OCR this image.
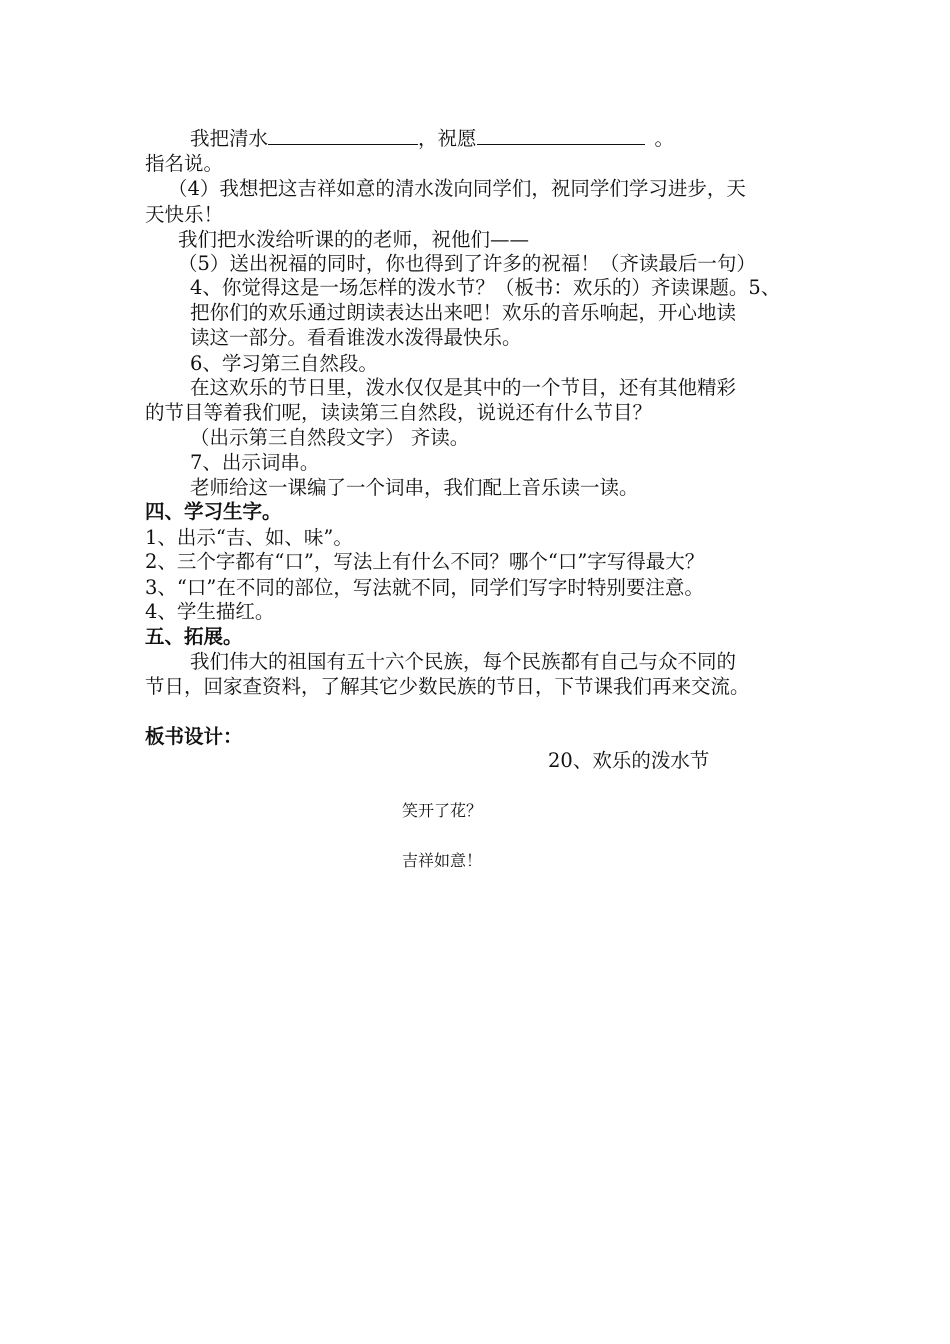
我把清水	，祝愿	。
指名说。
（4）我想把这吉祥如意的清水泼向同学们，祝同学们学习进步，天
天快乐！
我们把水泼给听课的的老师，祝他们——
（5）送出祝福的同时，你也得到了许多的祝福！（齐读最后一句）
4、你觉得这是一场怎样的泼水节？（板书：欢乐的）齐读课题。5、
把你们的欢乐通过朗读表达出来吧！欢乐的音乐响起，开心地读
读这一部分。看看谁泼水泼得最快乐。
6、学习第三自然段。
在这欢乐的节日里，泼水仅仅是其中的一个节目，还有其他精彩
的节目等着我们呢，读读第三自然段，说说还有什么节目？
（出示第三自然段文字） 齐读。
7、出示词串。
老师给这一课编了一个词串，我们配上音乐读一读。
四、学习生字。
1、出示“吉、如、味”。
2、三个字都有“口”，写法上有什么不同？哪个“口”字写得最大？
3、“口”在不同的部位，写法就不同，同学们写字时特别要注意。
4、学生描红。
五、拓展。
我们伟大的祖国有五十六个民族，每个民族都有自己与众不同的
节日，回家查资料，了解其它少数民族的节日，下节课我们再来交流。
板书设计：
20、欢乐的泼水节
笑开了花？
吉祥如意！
